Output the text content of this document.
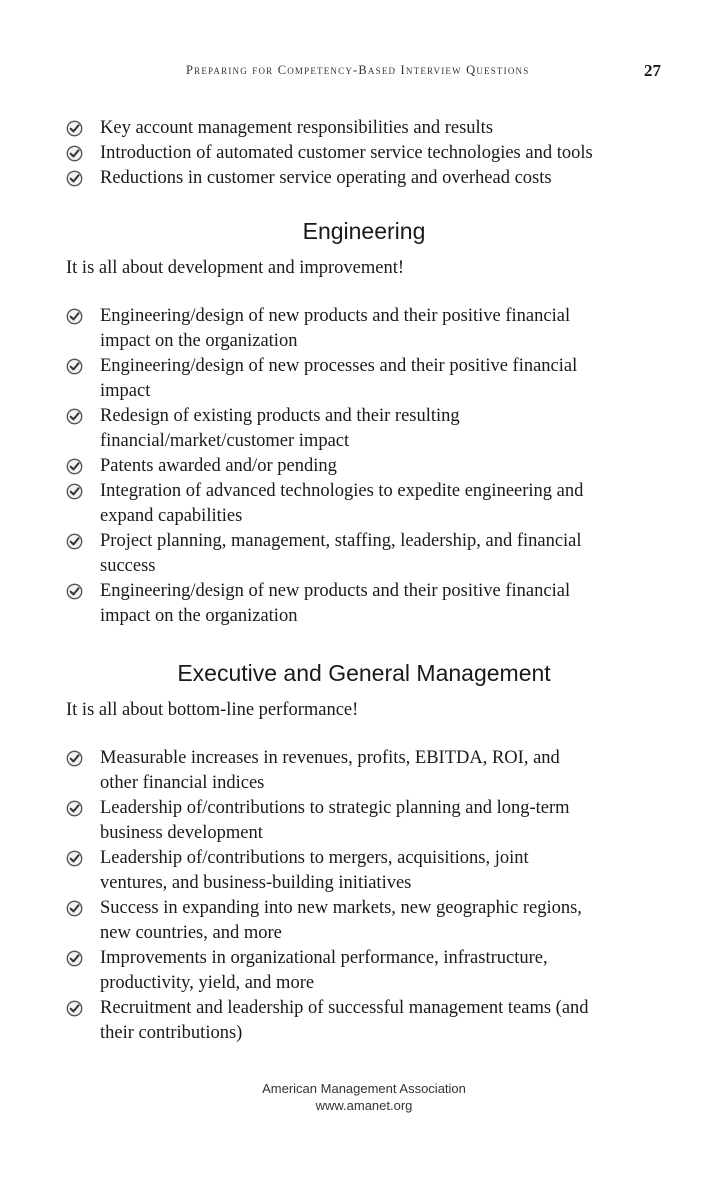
Preparing for Competency-Based Interview Questions	27
Key account management responsibilities and results
Introduction of automated customer service technologies and tools
Reductions in customer service operating and overhead costs
Engineering
It is all about development and improvement!
Engineering/design of new products and their positive financial
impact on the organization
Engineering/design of new processes and their positive financial
impact
Redesign of existing products and their resulting
financial/market/customer impact
Patents awarded and/or pending
Integration of advanced technologies to expedite engineering and
expand capabilities
Project planning, management, staffing, leadership, and financial
success
Engineering/design of new products and their positive financial
impact on the organization
Executive and General Management
It is all about bottom-line performance!
Measurable increases in revenues, profits, EBITDA, ROI, and
other financial indices
Leadership of/contributions to strategic planning and long-term
business development
Leadership of/contributions to mergers, acquisitions, joint
ventures, and business-building initiatives
Success in expanding into new markets, new geographic regions,
new countries, and more
Improvements in organizational performance, infrastructure,
productivity, yield, and more
Recruitment and leadership of successful management teams (and
their contributions)
American Management Association
www.amanet.org
